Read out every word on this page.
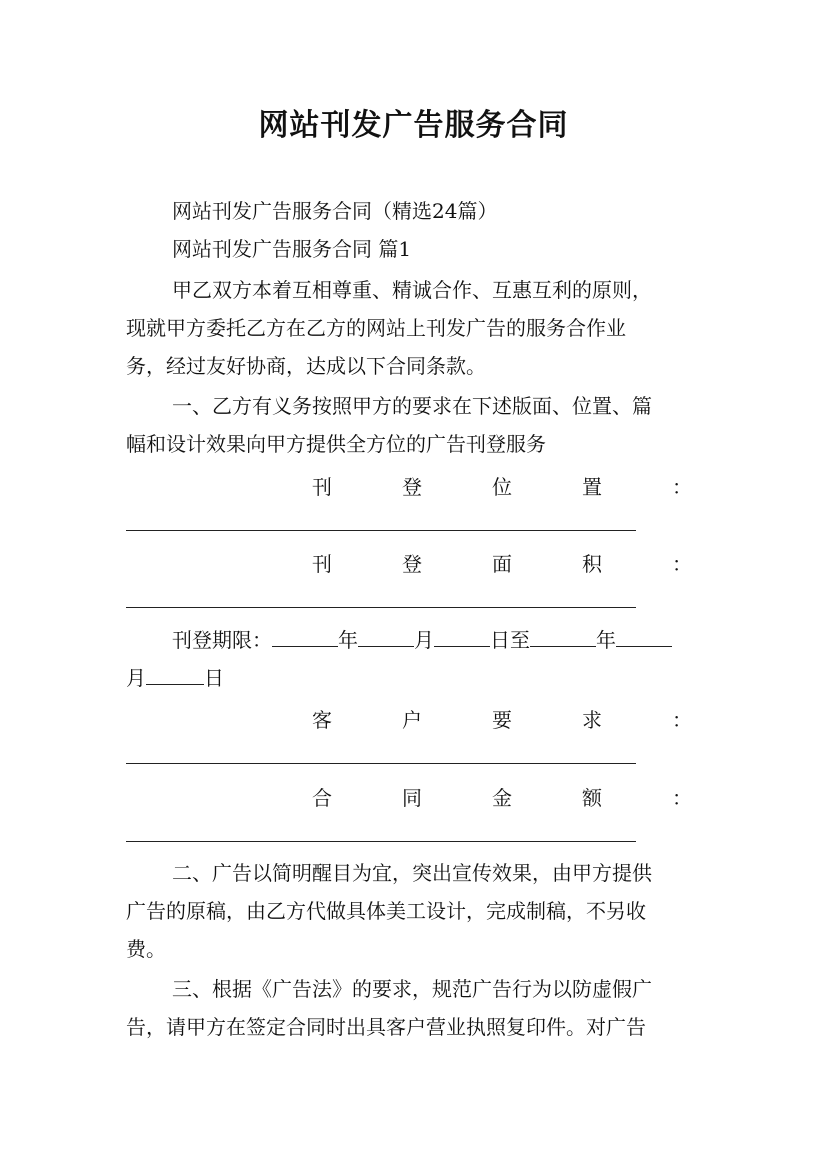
网站刊发广告服务合同
网站刊发广告服务合同（精选24篇）
网站刊发广告服务合同 篇1
甲乙双方本着互相尊重、精诚合作、互惠互利的原则，
现就甲方委托乙方在乙方的网站上刊发广告的服务合作业
务，经过友好协商，达成以下合同条款。
一、乙方有义务按照甲方的要求在下述版面、位置、篇
幅和设计效果向甲方提供全方位的广告刊登服务
刊	登	位	置	：
刊	登	面	积	：
刊登期限：	年	月	日至	年
月	日
客	户	要	求	：
合	同	金	额	：
二、广告以简明醒目为宜，突出宣传效果，由甲方提供
广告的原稿，由乙方代做具体美工设计，完成制稿，不另收
费。
三、根据《广告法》的要求，规范广告行为以防虚假广
告，请甲方在签定合同时出具客户营业执照复印件。对广告
